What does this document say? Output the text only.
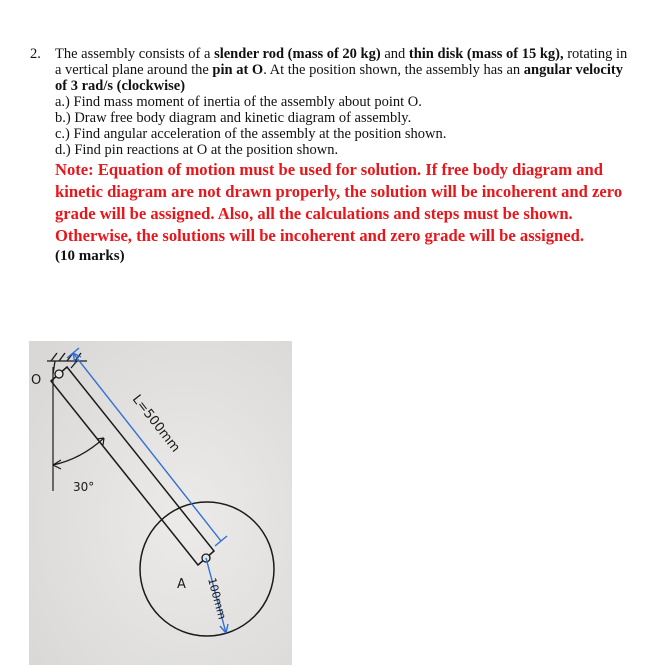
2. The assembly consists of a slender rod (mass of 20 kg) and thin disk (mass of 15 kg), rotating in a vertical plane around the pin at O. At the position shown, the assembly has an angular velocity of 3 rad/s (clockwise)

a.) Find mass moment of inertia of the assembly about point O.
b.) Draw free body diagram and kinetic diagram of assembly.
c.) Find angular acceleration of the assembly at the position shown.
d.) Find pin reactions at O at the position shown.
Note: Equation of motion must be used for solution. If free body diagram and kinetic diagram are not drawn properly, the solution will be incoherent and zero grade will be assigned. Also, all the calculations and steps must be shown. Otherwise, the solutions will be incoherent and zero grade will be assigned.
(10 marks)
O
30°
A
L=500mm
100mm
